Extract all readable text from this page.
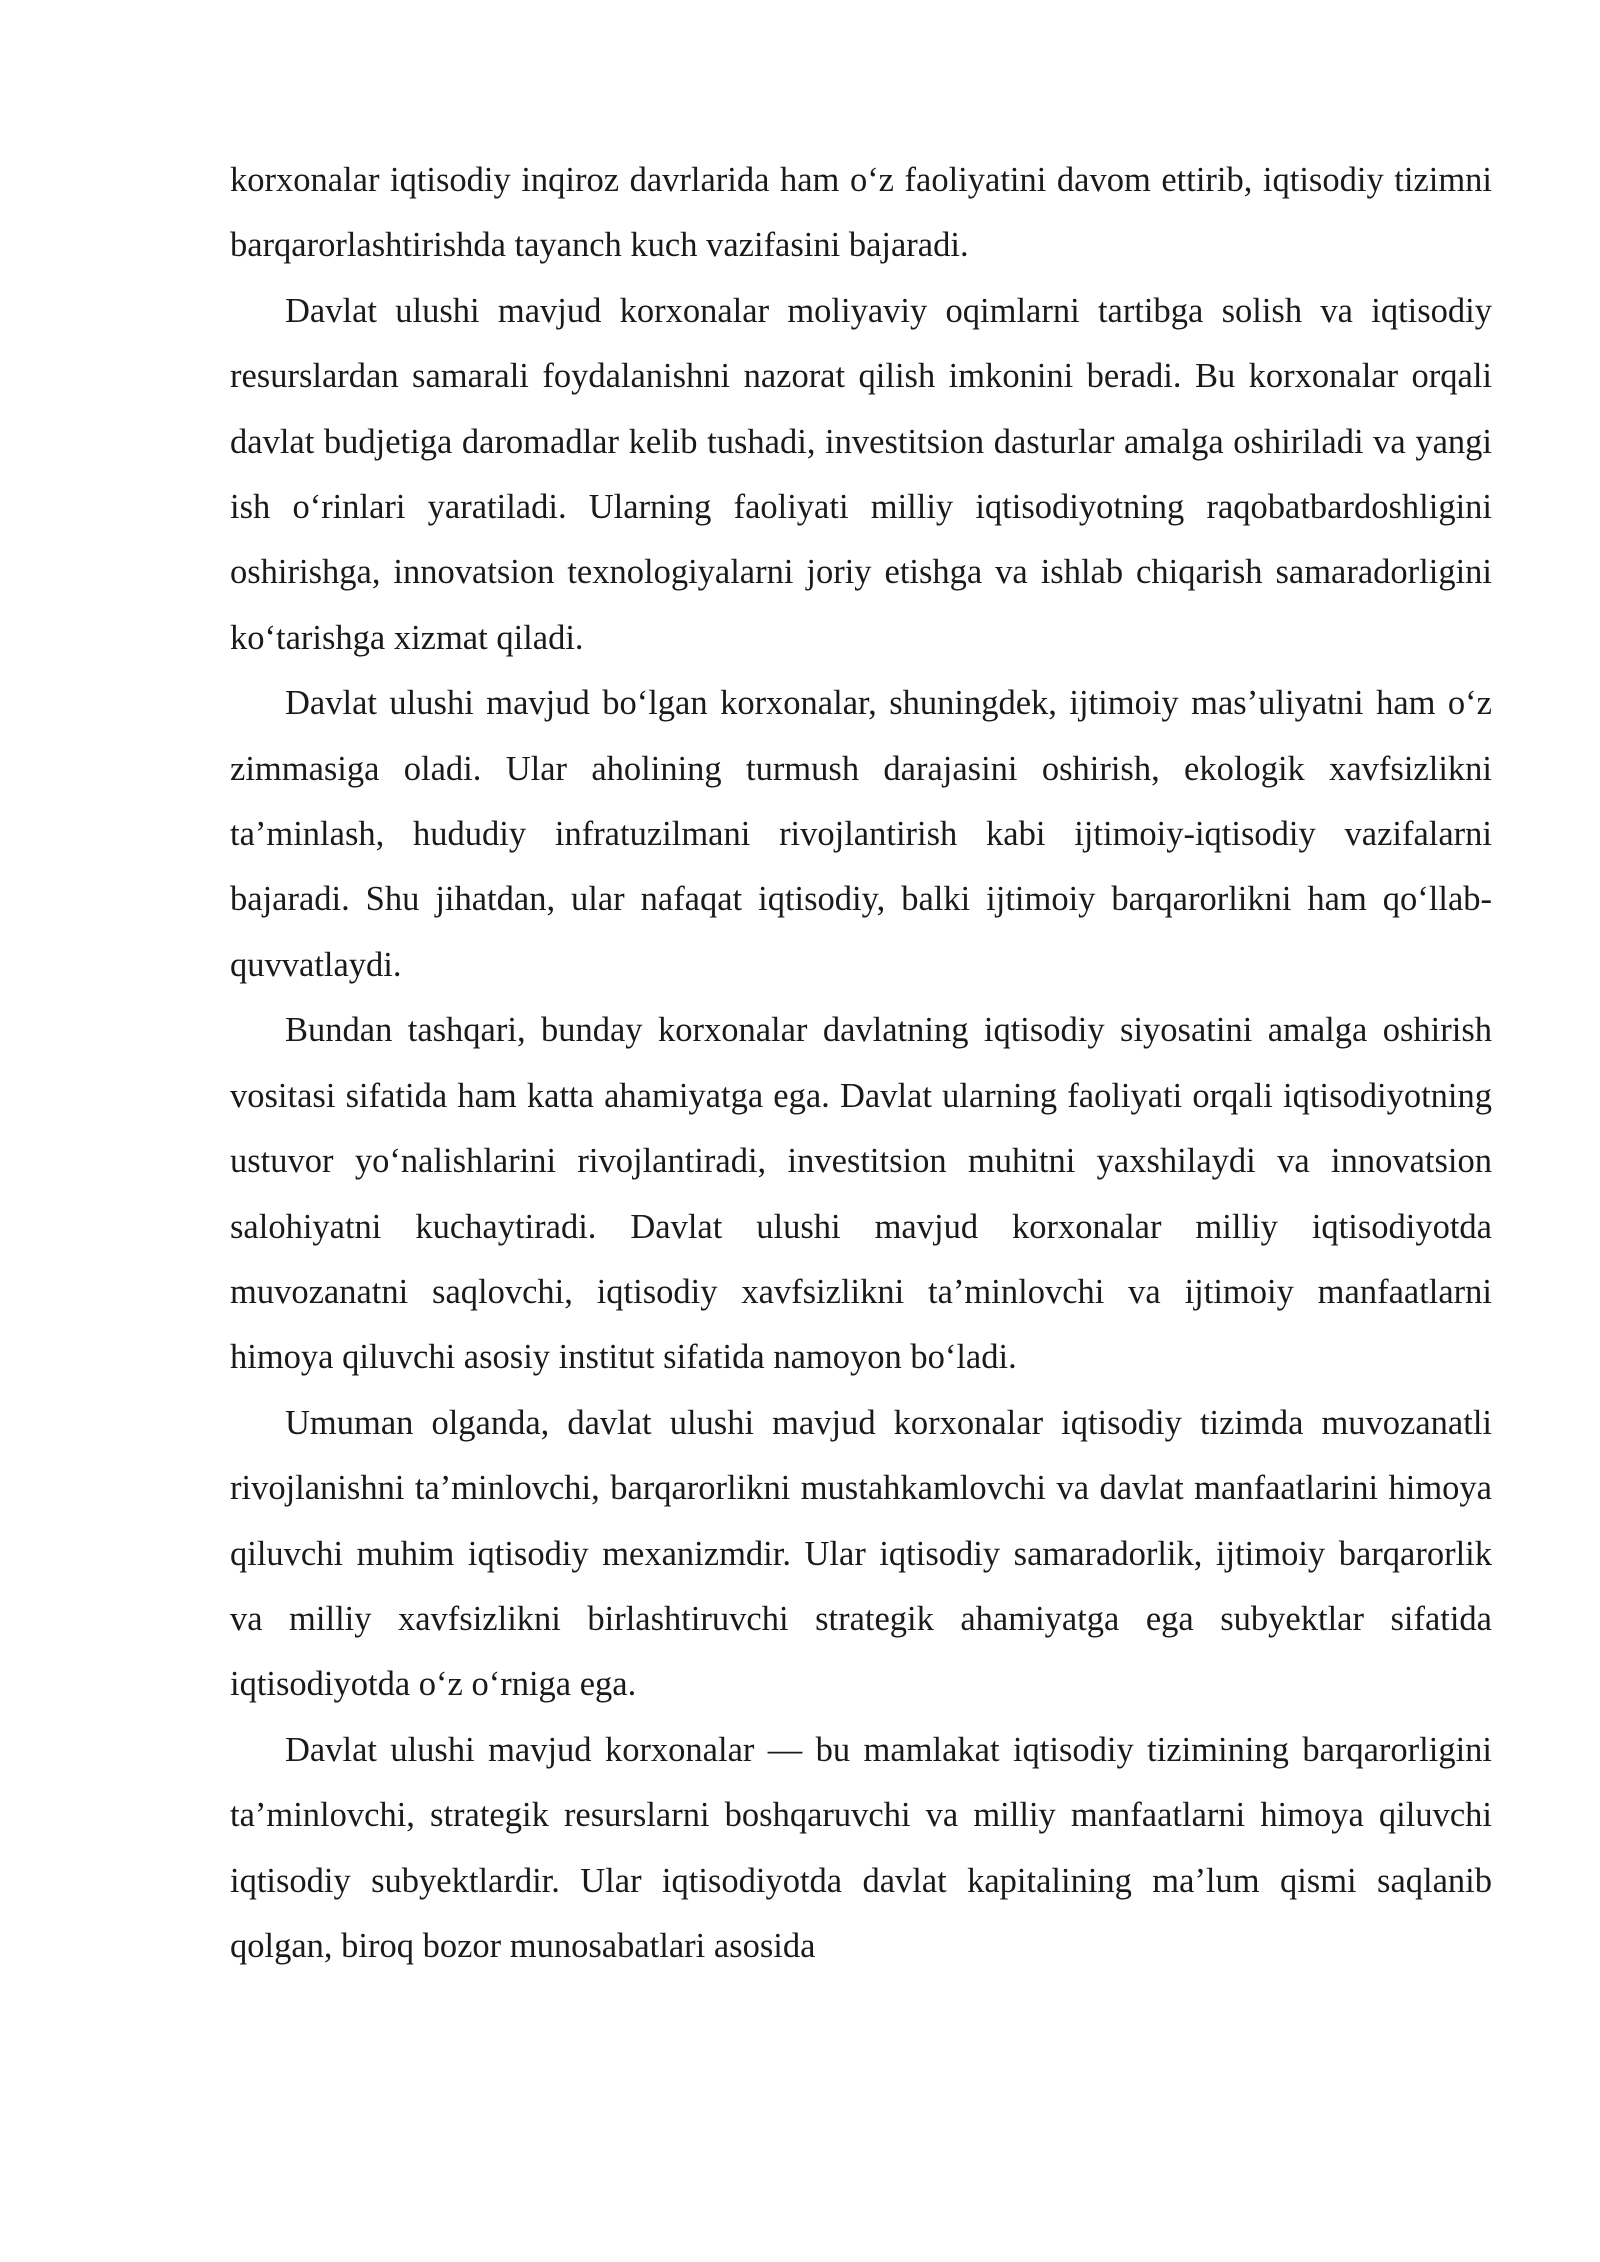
korxonalar iqtisodiy inqiroz davrlarida ham o‘z faoliyatini davom ettirib, iqtisodiy tizimni barqarorlashtirishda tayanch kuch vazifasini bajaradi.

Davlat ulushi mavjud korxonalar moliyaviy oqimlarni tartibga solish va iqtisodiy resurslardan samarali foydalanishni nazorat qilish imkonini beradi. Bu korxonalar orqali davlat budjetiga daromadlar kelib tushadi, investitsion dasturlar amalga oshiriladi va yangi ish o‘rinlari yaratiladi. Ularning faoliyati milliy iqtisodiyotning raqobatbardoshligini oshirishga, innovatsion texnologiyalarni joriy etishga va ishlab chiqarish samaradorligini ko‘tarishga xizmat qiladi.

Davlat ulushi mavjud bo‘lgan korxonalar, shuningdek, ijtimoiy mas’uliyatni ham o‘z zimmasiga oladi. Ular aholining turmush darajasini oshirish, ekologik xavfsizlikni ta’minlash, hududiy infratuzilmani rivojlantirish kabi ijtimoiy-iqtisodiy vazifalarni bajaradi. Shu jihatdan, ular nafaqat iqtisodiy, balki ijtimoiy barqarorlikni ham qo‘llab-quvvatlaydi.

Bundan tashqari, bunday korxonalar davlatning iqtisodiy siyosatini amalga oshirish vositasi sifatida ham katta ahamiyatga ega. Davlat ularning faoliyati orqali iqtisodiyotning ustuvor yo‘nalishlarini rivojlantiradi, investitsion muhitni yaxshilaydi va innovatsion salohiyatni kuchaytiradi. Davlat ulushi mavjud korxonalar milliy iqtisodiyotda muvozanatni saqlovchi, iqtisodiy xavfsizlikni ta’minlovchi va ijtimoiy manfaatlarni himoya qiluvchi asosiy institut sifatida namoyon bo‘ladi.

Umuman olganda, davlat ulushi mavjud korxonalar iqtisodiy tizimda muvozanatli rivojlanishni ta’minlovchi, barqarorlikni mustahkamlovchi va davlat manfaatlarini himoya qiluvchi muhim iqtisodiy mexanizmdir. Ular iqtisodiy samaradorlik, ijtimoiy barqarorlik va milliy xavfsizlikni birlashtiruvchi strategik ahamiyatga ega subyektlar sifatida iqtisodiyotda o‘z o‘rniga ega.

Davlat ulushi mavjud korxonalar — bu mamlakat iqtisodiy tizimining barqarorligini ta’minlovchi, strategik resurslarni boshqaruvchi va milliy manfaatlarni himoya qiluvchi iqtisodiy subyektlardir. Ular iqtisodiyotda davlat kapitalining ma’lum qismi saqlanib qolgan, biroq bozor munosabatlari asosida
